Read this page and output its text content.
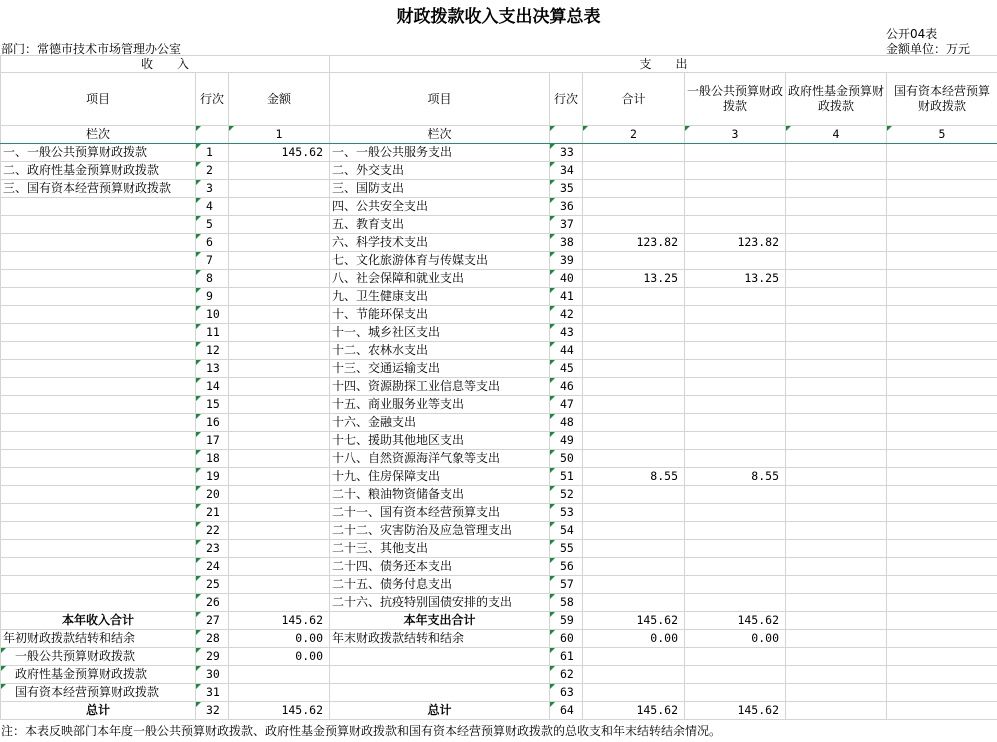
财政拨款收入支出决算总表
公开04表
部门：常德市技术市场管理办公室	金额单位：万元
收　　入			支　　出					
项目	行次	金额	项目	行次	合计	一般公共预算财政拨款	政府性基金预算财政拨款	国有资本经营预算财政拨款
栏次		1	栏次		2	3	4	5
一、一般公共预算财政拨款	1	145.62	一、一般公共服务支出	33				
二、政府性基金预算财政拨款	2		二、外交支出	34				
三、国有资本经营预算财政拨款	3		三、国防支出	35				
	4		四、公共安全支出	36				
	5		五、教育支出	37				
	6		六、科学技术支出	38	123.82	123.82		
	7		七、文化旅游体育与传媒支出	39				
	8		八、社会保障和就业支出	40	13.25	13.25		
	9		九、卫生健康支出	41				
	10		十、节能环保支出	42				
	11		十一、城乡社区支出	43				
	12		十二、农林水支出	44				
	13		十三、交通运输支出	45				
	14		十四、资源勘探工业信息等支出	46				
	15		十五、商业服务业等支出	47				
	16		十六、金融支出	48				
	17		十七、援助其他地区支出	49				
	18		十八、自然资源海洋气象等支出	50				
	19		十九、住房保障支出	51	8.55	8.55		
	20		二十、粮油物资储备支出	52				
	21		二十一、国有资本经营预算支出	53				
	22		二十二、灾害防治及应急管理支出	54				
	23		二十三、其他支出	55				
	24		二十四、债务还本支出	56				
	25		二十五、债务付息支出	57				
	26		二十六、抗疫特别国债安排的支出	58				
本年收入合计	27	145.62	本年支出合计	59	145.62	145.62		
年初财政拨款结转和结余	28	0.00	年末财政拨款结转和结余	60	0.00	0.00		
一般公共预算财政拨款	29	0.00		61				
政府性基金预算财政拨款	30			62				
国有资本经营预算财政拨款	31			63				
总计	32	145.62	总计	64	145.62	145.62		
注：本表反映部门本年度一般公共预算财政拨款、政府性基金预算财政拨款和国有资本经营预算财政拨款的总收支和年末结转结余情况。
